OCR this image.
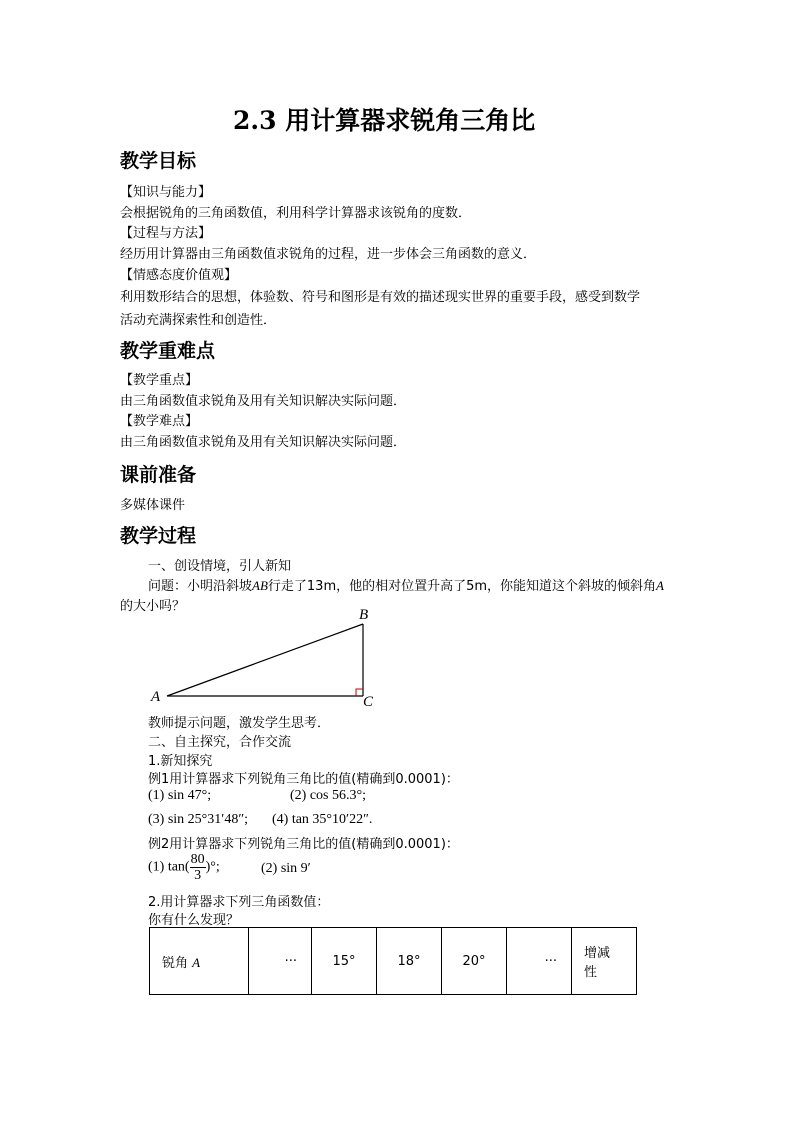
2.3 用计算器求锐角三角比
教学目标
【知识与能力】
会根据锐角的三角函数值，利用科学计算器求该锐角的度数．
【过程与方法】
经历用计算器由三角函数值求锐角的过程，进一步体会三角函数的意义．
【情感态度价值观】
利用数形结合的思想，体验数、符号和图形是有效的描述现实世界的重要手段，感受到数学
活动充满探索性和创造性．
教学重难点
【教学重点】
由三角函数值求锐角及用有关知识解决实际问题．
【教学难点】
由三角函数值求锐角及用有关知识解决实际问题．
课前准备
多媒体课件
教学过程
一、创设情境，引人新知
问题：小明沿斜坡AB行走了13m，他的相对位置升高了5m，你能知道这个斜坡的倾斜角A
的大小吗？
A
B
C
教师提示问题，激发学生思考．
二、自主探究，合作交流
1.新知探究
例1用计算器求下列锐角三角比的值(精确到0.0001)：
(1) sin 47°;	(2) cos 56.3°;
(3) sin 25°31′48″; (4) tan 35°10′22″.
例2用计算器求下列锐角三角比的值(精确到0.0001)：
(1) $\tan( \frac{80}{3}$ )°;	(2) sin 9′
2.用计算器求下列三角函数值：
你有什么发现？
锐角 A	···	15°	18°	20°	···	增减
性
